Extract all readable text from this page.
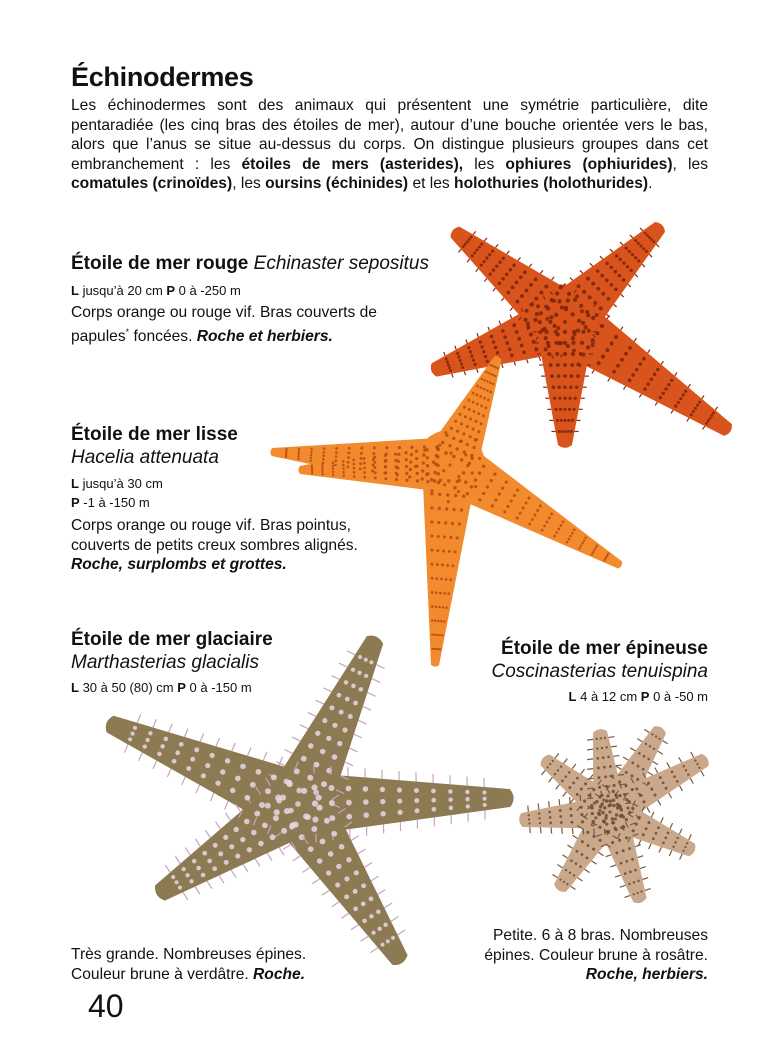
Échinodermes
Les échinodermes sont des animaux qui présentent une symétrie particulière, dite pentaradiée (les cinq bras des étoiles de mer), autour d’une bouche orientée vers le bas, alors que l’anus se situe au-dessus du corps. On distingue plusieurs groupes dans cet embranchement : les étoiles de mers (asterides), les ophiures (ophiurides), les comatules (crinoïdes), les oursins (échinides) et les holothuries (holothurides).
Étoile de mer rouge Echinaster sepositus
L jusqu’à 20 cm P 0 à -250 m
Corps orange ou rouge vif. Bras couverts de papules* foncées. Roche et herbiers.
Étoile de mer lisse
Hacelia attenuata
L jusqu’à 30 cm
P -1 à -150 m
Corps orange ou rouge vif. Bras pointus, couverts de petits creux sombres alignés.
Roche, surplombs et grottes.
Étoile de mer glaciaire
Marthasterias glacialis
L 30 à 50 (80) cm P 0 à -150 m
Très grande. Nombreuses épines. Couleur brune à verdâtre. Roche.
Étoile de mer épineuse
Coscinasterias tenuispina
L 4 à 12 cm P 0 à -50 m
Petite. 6 à 8 bras. Nombreuses épines. Couleur brune à rosâtre.
Roche, herbiers.
40
